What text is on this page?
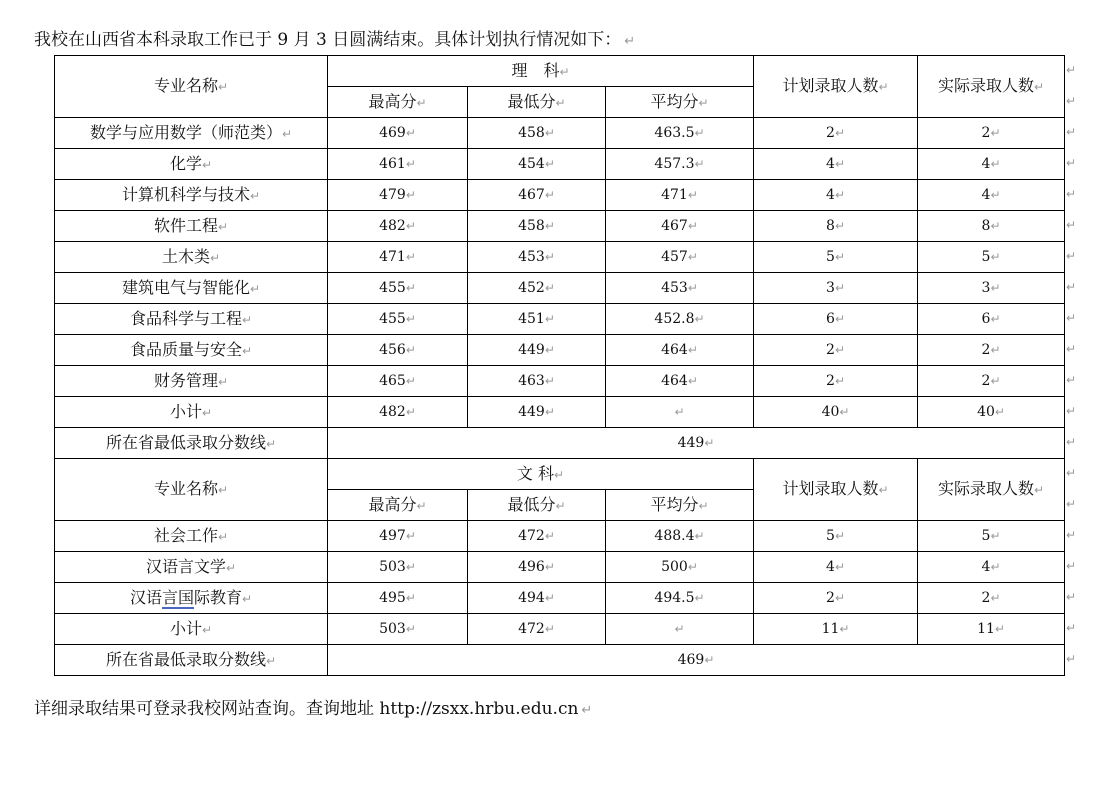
我校在山西省本科录取工作已于 9 月 3 日圆满结束。具体计划执行情况如下： ↵
专业名称↵	理　科↵			计划录取人数↵	实际录取人数↵
	最高分↵	最低分↵	平均分↵		
数学与应用数学（师范类）↵	469↵	458↵	463.5↵	2↵	2↵
化学↵	461↵	454↵	457.3↵	4↵	4↵
计算机科学与技术↵	479↵	467↵	471↵	4↵	4↵
软件工程↵	482↵	458↵	467↵	8↵	8↵
土木类↵	471↵	453↵	457↵	5↵	5↵
建筑电气与智能化↵	455↵	452↵	453↵	3↵	3↵
食品科学与工程↵	455↵	451↵	452.8↵	6↵	6↵
食品质量与安全↵	456↵	449↵	464↵	2↵	2↵
财务管理↵	465↵	463↵	464↵	2↵	2↵
小计↵	482↵	449↵	↵	40↵	40↵
所在省最低录取分数线↵	449↵				
专业名称↵	文 科↵			计划录取人数↵	实际录取人数↵
	最高分↵	最低分↵	平均分↵		
社会工作↵	497↵	472↵	488.4↵	5↵	5↵
汉语言文学↵	503↵	496↵	500↵	4↵	4↵
汉语言国际教育↵	495↵	494↵	494.5↵	2↵	2↵
小计↵	503↵	472↵	↵	11↵	11↵
所在省最低录取分数线↵	469↵				
详细录取结果可登录我校网站查询。查询地址 http://zsxx.hrbu.edu.cn ↵
↵
↵
↵
↵
↵
↵
↵
↵
↵
↵
↵
↵
↵
↵
↵
↵
↵
↵
↵
↵
